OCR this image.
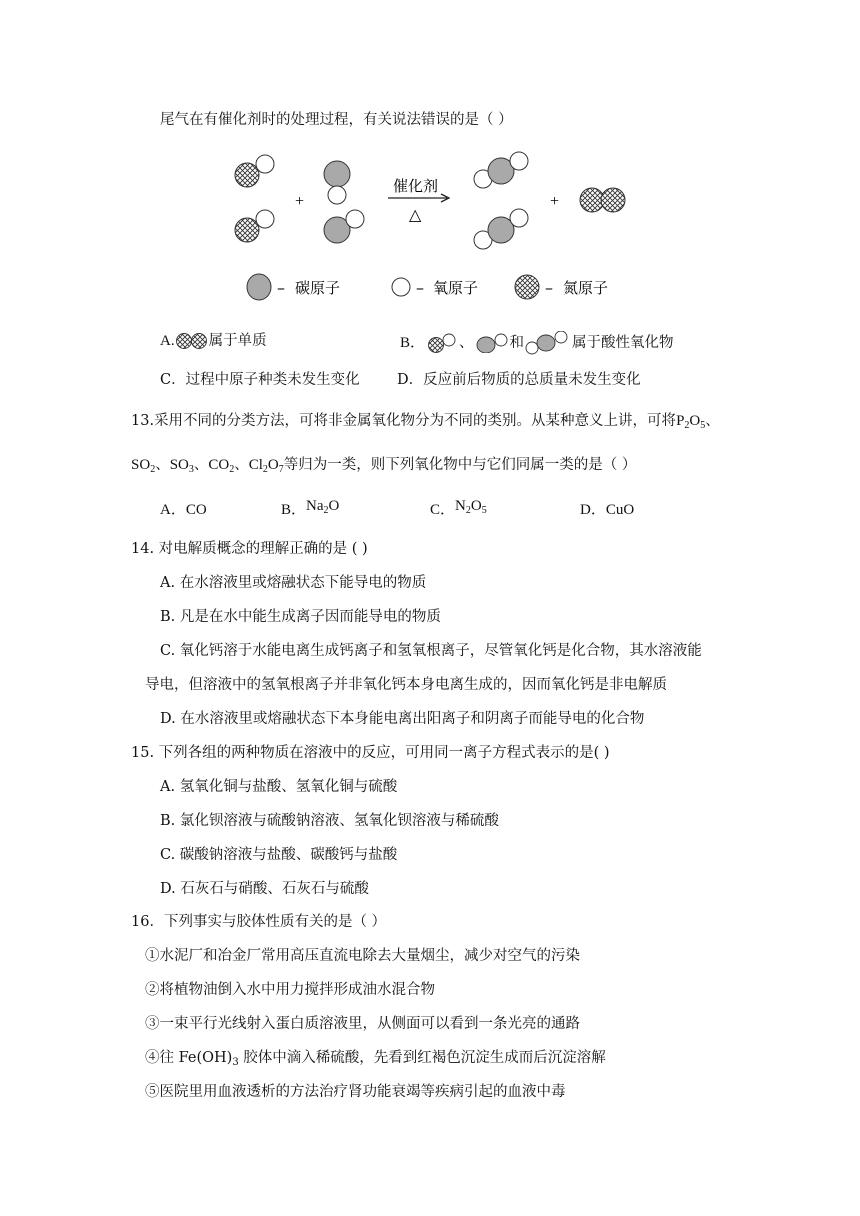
尾气在有催化剂时的处理过程，有关说法错误的是（ ）
+
催化剂
△
+
– 碳原子	– 氧原子	– 氮原子
A. 属于单质	B． 、 和	属于酸性氧化物
C．过程中原子种类未发生变化	D．反应前后物质的总质量未发生变化
13.采用不同的分类方法，可将非金属氧化物分为不同的类别。从某种意义上讲，可将$P_2O_5$、
$SO_2$、$SO_3$、$CO_2$、$Cl_2O_7$等归为一类，则下列氧化物中与它们同属一类的是（ ）
A．CO	B．$Na_2O$	C．$N_2O_5$	D．CuO
14. 对电解质概念的理解正确的是 ( )
A. 在水溶液里或熔融状态下能导电的物质
B. 凡是在水中能生成离子因而能导电的物质
C. 氧化钙溶于水能电离生成钙离子和氢氧根离子，尽管氧化钙是化合物，其水溶液能
导电，但溶液中的氢氧根离子并非氧化钙本身电离生成的，因而氧化钙是非电解质
D. 在水溶液里或熔融状态下本身能电离出阳离子和阴离子而能导电的化合物
15. 下列各组的两种物质在溶液中的反应，可用同一离子方程式表示的是( )
A. 氢氧化铜与盐酸、氢氧化铜与硫酸
B. 氯化钡溶液与硫酸钠溶液、氢氧化钡溶液与稀硫酸
C. 碳酸钠溶液与盐酸、碳酸钙与盐酸
D. 石灰石与硝酸、石灰石与硫酸
16．下列事实与胶体性质有关的是（ ）
①水泥厂和冶金厂常用高压直流电除去大量烟尘，减少对空气的污染
②将植物油倒入水中用力搅拌形成油水混合物
③一束平行光线射入蛋白质溶液里，从侧面可以看到一条光亮的通路
④往 $Fe(OH)_3$ 胶体中滴入稀硫酸，先看到红褐色沉淀生成而后沉淀溶解
⑤医院里用血液透析的方法治疗肾功能衰竭等疾病引起的血液中毒
